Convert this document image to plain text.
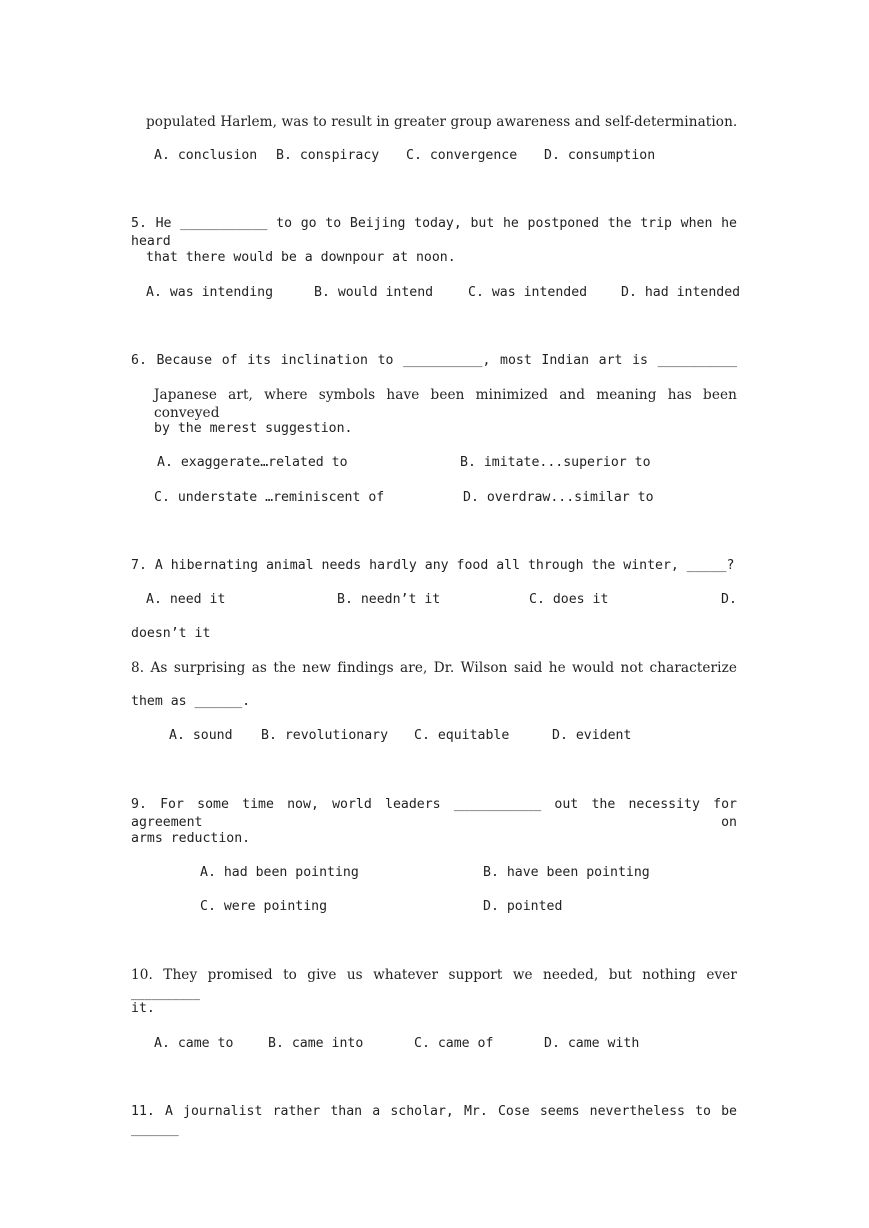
populated Harlem, was to result in greater group awareness and self-determination.
A. conclusion B. conspiracy C. convergence D. consumption
5. He ___________ to go to Beijing today, but he postponed the trip when he heard
that there would be a downpour at noon.
A. was intending	B. would intend	C. was intended	D. had intended
6. Because of its inclination to __________, most Indian art is __________
Japanese art, where symbols have been minimized and meaning has been conveyed
by the merest suggestion.
A. exaggerate…related to	B. imitate...superior to
C. understate …reminiscent of	D. overdraw...similar to
7. A hibernating animal needs hardly any food all through the winter, _____?
A. need it	B. needn’t it	C. does it	D.
doesn’t it
8. As surprising as the new findings are, Dr. Wilson said he would not characterize
them as ______.
A. sound B. revolutionary C. equitable	D. evident
9. For some time now, world leaders ___________ out the necessity for agreement on
arms reduction.
A. had been pointing	B. have been pointing
C. were pointing	D. pointed
10. They promised to give us whatever support we needed, but nothing ever __________
it.
A. came to	B. came into	C. came of	D. came with
11. A journalist rather than a scholar, Mr. Cose seems nevertheless to be ______
